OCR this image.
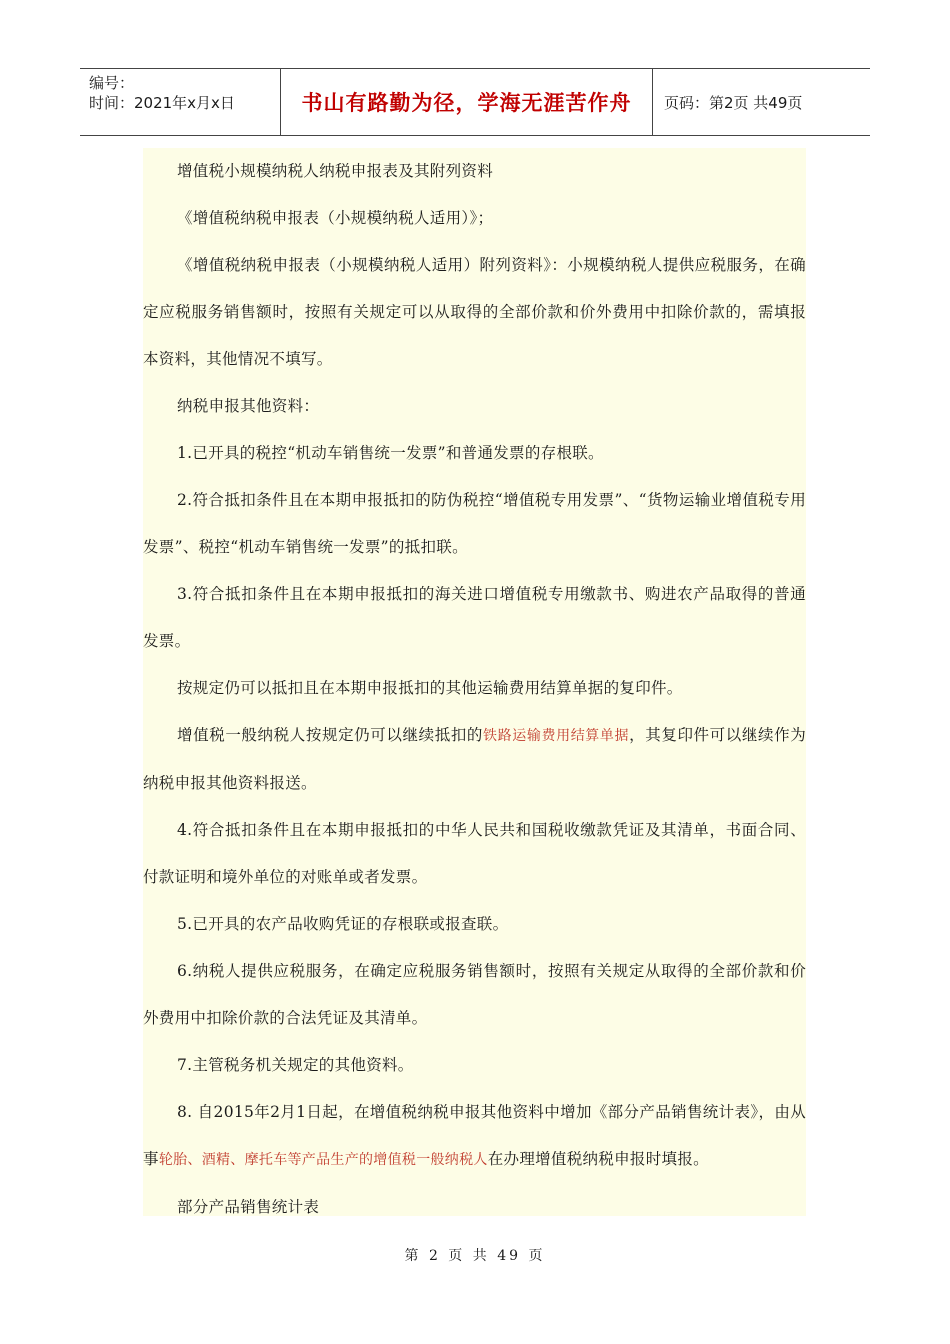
编号：
时间：2021年x月x日	书山有路勤为径，学海无涯苦作舟	页码：第2页 共49页

增值税小规模纳税人纳税申报表及其附列资料

《增值税纳税申报表（小规模纳税人适用）》；

《增值税纳税申报表（小规模纳税人适用）附列资料》：小规模纳税人提供应税服务，在确定应税服务销售额时，按照有关规定可以从取得的全部价款和价外费用中扣除价款的，需填报本资料，其他情况不填写。

纳税申报其他资料：

1.已开具的税控“机动车销售统一发票”和普通发票的存根联。

2.符合抵扣条件且在本期申报抵扣的防伪税控“增值税专用发票”、“货物运输业增值税专用发票”、税控“机动车销售统一发票”的抵扣联。

3.符合抵扣条件且在本期申报抵扣的海关进口增值税专用缴款书、购进农产品取得的普通发票。

按规定仍可以抵扣且在本期申报抵扣的其他运输费用结算单据的复印件。

增值税一般纳税人按规定仍可以继续抵扣的铁路运输费用结算单据，其复印件可以继续作为纳税申报其他资料报送。

4.符合抵扣条件且在本期申报抵扣的中华人民共和国税收缴款凭证及其清单，书面合同、付款证明和境外单位的对账单或者发票。

5.已开具的农产品收购凭证的存根联或报查联。

6.纳税人提供应税服务，在确定应税服务销售额时，按照有关规定从取得的全部价款和价外费用中扣除价款的合法凭证及其清单。

7.主管税务机关规定的其他资料。

8. 自2015年2月1日起，在增值税纳税申报其他资料中增加《部分产品销售统计表》，由从事轮胎、酒精、摩托车等产品生产的增值税一般纳税人在办理增值税纳税申报时填报。

部分产品销售统计表

第 2 页 共 49 页
